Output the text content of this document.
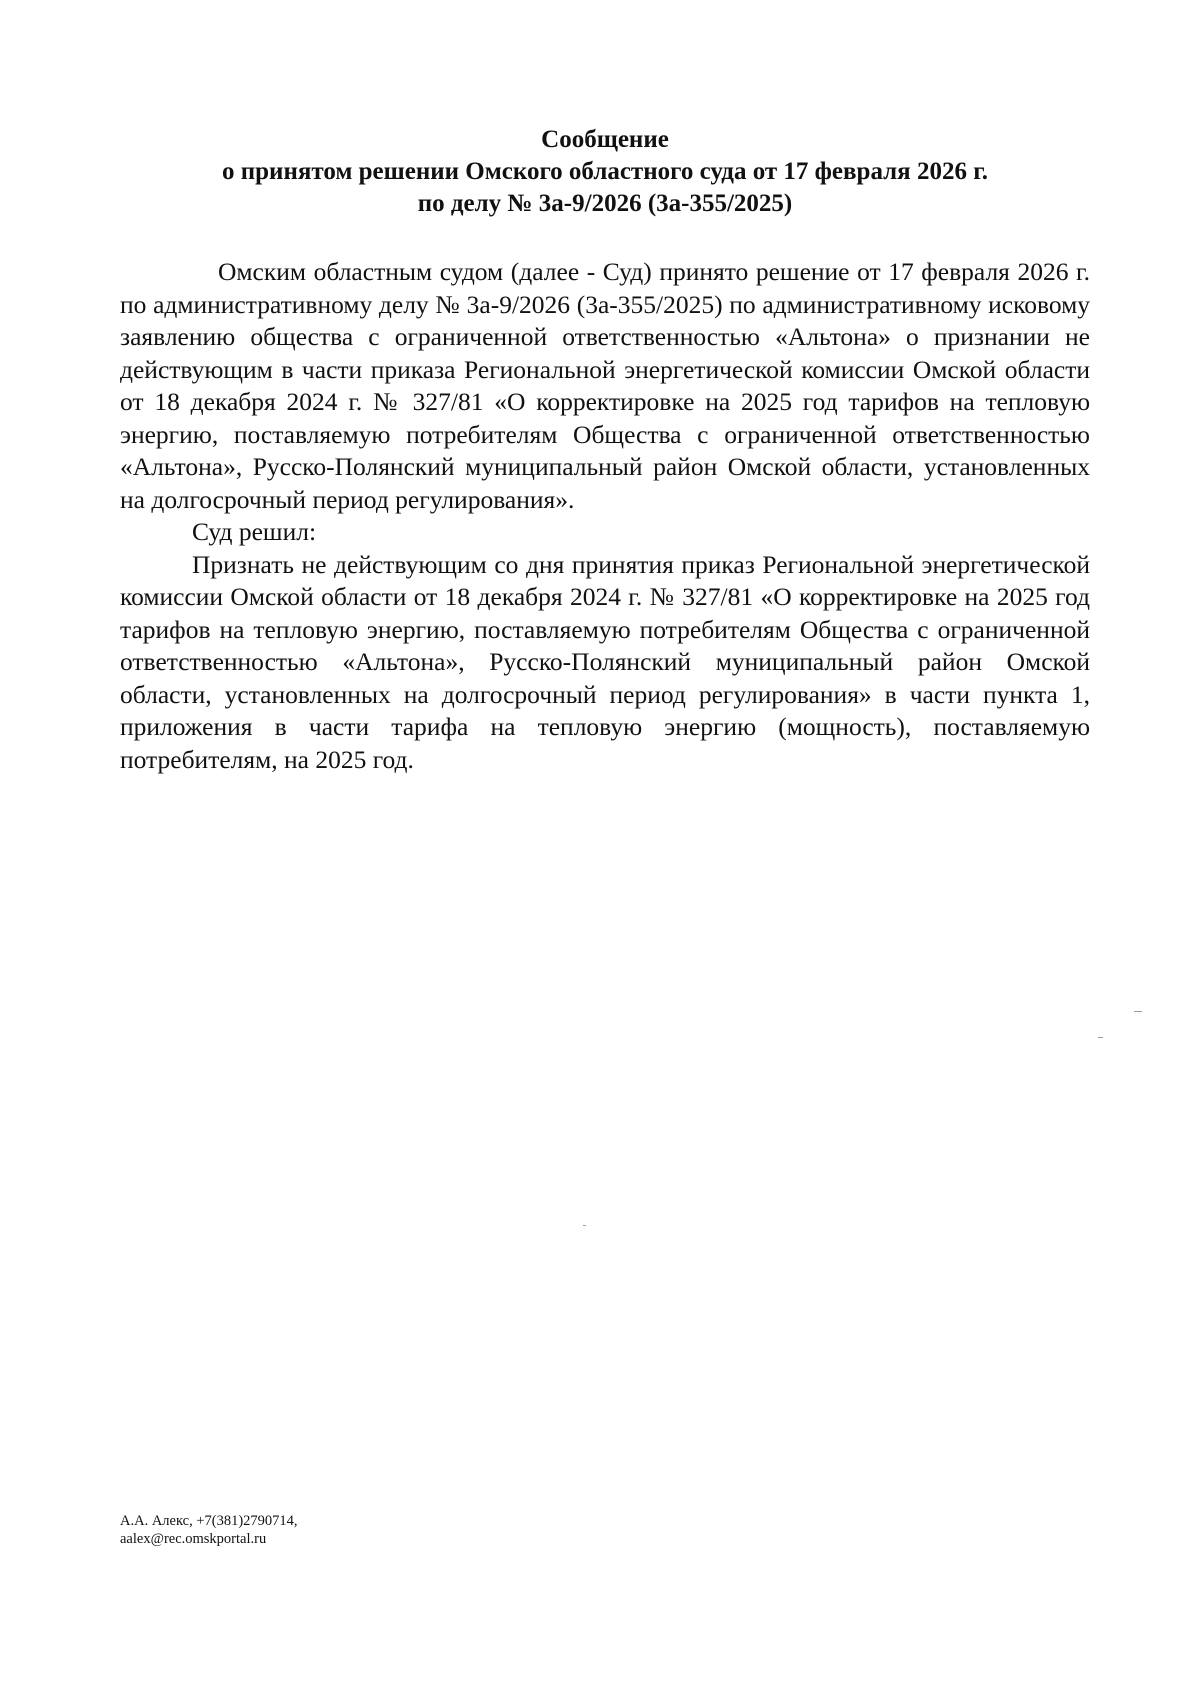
Сообщение
о принятом решении Омского областного суда от 17 февраля 2026 г.
по делу № 3а-9/2026 (3а-355/2025)

Омским областным судом (далее - Суд) принято решение от 17 февраля 2026 г. по административному делу № 3а-9/2026 (3а-355/2025) по административному исковому заявлению общества с ограниченной ответственностью «Альтона» о признании не действующим в части приказа Региональной энергетической комиссии Омской области от 18 декабря 2024 г. № 327/81 «О корректировке на 2025 год тарифов на тепловую энергию, поставляемую потребителям Общества с ограниченной ответственностью «Альтона», Русско-Полянский муниципальный район Омской области, установленных на долгосрочный период регулирования».

Суд решил:

Признать не действующим со дня принятия приказ Региональной энергетической комиссии Омской области от 18 декабря 2024 г. № 327/81 «О корректировке на 2025 год тарифов на тепловую энергию, поставляемую потребителям Общества с ограниченной ответственностью «Альтона», Русско-Полянский муниципальный район Омской области, установленных на долгосрочный период регулирования» в части пункта 1, приложения в части тарифа на тепловую энергию (мощность), поставляемую потребителям, на 2025 год.

А.А. Алекс, +7(381)2790714,
aalex@rec.omskportal.ru
